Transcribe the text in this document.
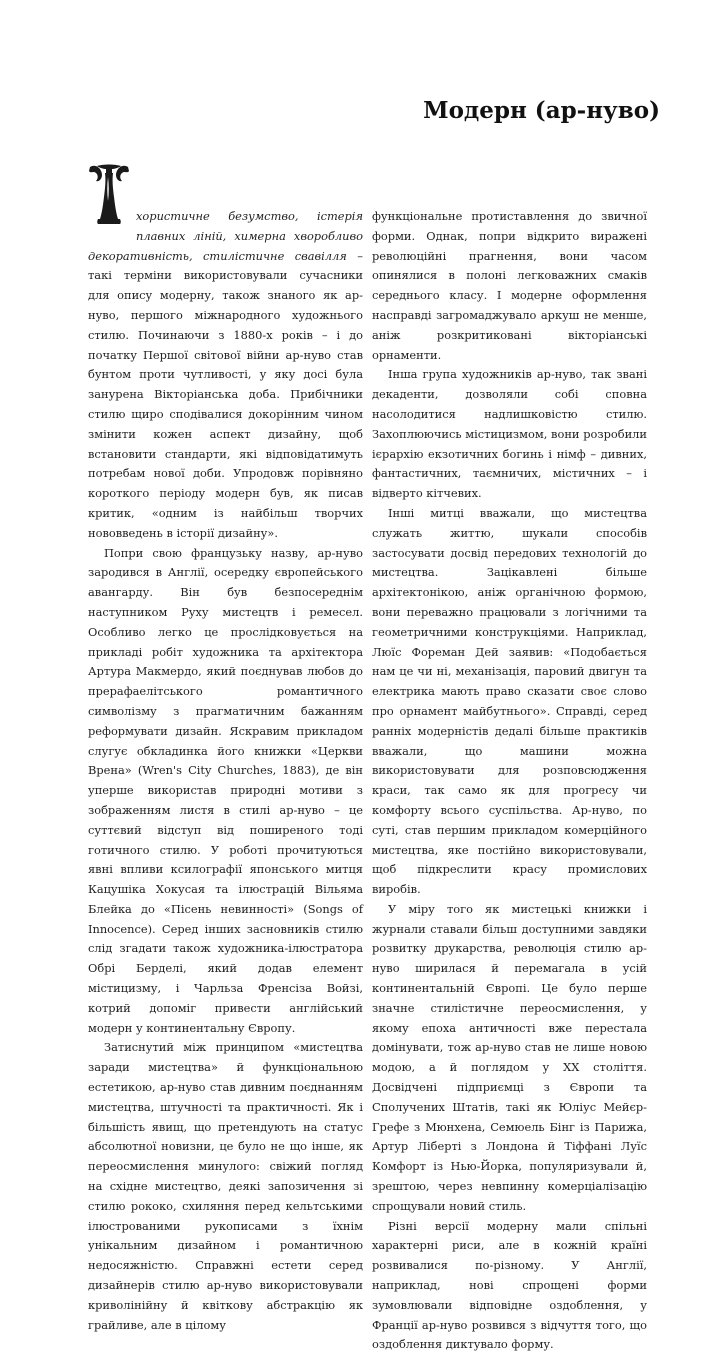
Модерн (ар-нуво)

хористичне безумство, істерія плавних ліній, химерна хворобливо декоративність, стилістичне свавілля – такі терміни використовували сучасники для опису модерну, також знаного як ар-нуво, першого міжнародного художнього стилю. Починаючи з 1880-х років – і до початку Першої світової війни ар-нуво став бунтом проти чутливості, у яку досі була занурена Вікторіанська доба. Прибічники стилю щиро сподівалися докорінним чином змінити кожен аспект дизайну, щоб встановити стандарти, які відповідатимуть потребам нової доби. Упродовж порівняно короткого періоду модерн був, як писав критик, «одним із найбільш творчих нововведень в історії дизайну».

Попри свою французьку назву, ар-нуво зародився в Англії, осередку європейського авангарду. Він був безпосереднім наступником Руху мистецтв і ремесел. Особливо легко це прослідковується на прикладі робіт художника та архітектора Артура Макмердо, який поєднував любов до прерафаелітського романтичного символізму з прагматичним бажанням реформувати дизайн. Яскравим прикладом слугує обкладинка його книжки «Церкви Врена» (Wren's City Churches, 1883), де він уперше використав природні мотиви з зображенням листя в стилі ар-нуво – це суттєвий відступ від поширеного тоді готичного стилю. У роботі прочитуються явні впливи ксилографії японського митця Кацушіка Хокусая та ілюстрацій Вільяма Блейка до «Пісень невинності» (Songs of Innocence). Серед інших засновників стилю слід згадати також художника-ілюстратора Обрі Берделі, який додав елемент містицизму, і Чарльза Френсіза Войзі, котрий допоміг привести англійський модерн у континентальну Європу.

Затиснутий між принципом «мистецтва заради мистецтва» й функціональною естетикою, ар-нуво став дивним поєднанням мистецтва, штучності та практичності. Як і більшість явищ, що претендують на статус абсолютної новизни, це було не що інше, як переосмислення минулого: свіжий погляд на східне мистецтво, деякі запозичення зі стилю рококо, схиляння перед кельтськими ілюстрованими рукописами з їхнім унікальним дизайном і романтичною недосяжністю. Справжні естети серед дизайнерів стилю ар-нуво використовували криволінійну й квіткову абстракцію як грайливе, але в цілому

функціональне протиставлення до звичної форми. Однак, попри відкрито виражені революційні прагнення, вони часом опинялися в полоні легковажних смаків середнього класу. І модерне оформлення насправді загромаджувало аркуш не менше, аніж розкритиковані вікторіанські орнаменти.

Інша група художників ар-нуво, так звані декаденти, дозволяли собі сповна насолодитися надлишковістю стилю. Захоплюючись містицизмом, вони розробили ієрархію екзотичних богинь і німф – дивних, фантастичних, таємничих, містичних – і відверто кітчевих.

Інші митці вважали, що мистецтва служать життю, шукали способів застосувати досвід передових технологій до мистецтва. Зацікавлені більше архітектонікою, аніж органічною формою, вони переважно працювали з логічними та геометричними конструкціями. Наприклад, Люїс Фореман Дей заявив: «Подобається нам це чи ні, механізація, паровий двигун та електрика мають право сказати своє слово про орнамент майбутнього». Справді, серед ранніх модерністів дедалі більше практиків вважали, що машини можна використовувати для розповсюдження краси, так само як для прогресу чи комфорту всього суспільства. Ар-нуво, по суті, став першим прикладом комерційного мистецтва, яке постійно використовували, щоб підкреслити красу промислових виробів.

У міру того як мистецькі книжки і журнали ставали більш доступними завдяки розвитку друкарства, революція стилю ар-нуво ширилася й перемагала в усій континентальній Європі. Це було перше значне стилістичне переосмислення, у якому епоха античності вже перестала домінувати, тож ар-нуво став не лише новою модою, а й поглядом у XX століття. Досвідчені підприємці з Європи та Сполучених Штатів, такі як Юліус Мейєр-Грефе з Мюнхена, Семюель Бінг із Парижа, Артур Ліберті з Лондона й Тіффані Луїс Комфорт із Нью-Йорка, популяризували й, зрештою, через невпинну комерціалізацію спрощували новий стиль.

Різні версії модерну мали спільні характерні риси, але в кожній країні розвивалися по-різному. У Англії, наприклад, нові спрощені форми зумовлювали відповідне оздоблення, у Франції ар-нуво розвився з відчуття того, що оздоблення диктувало форму.
